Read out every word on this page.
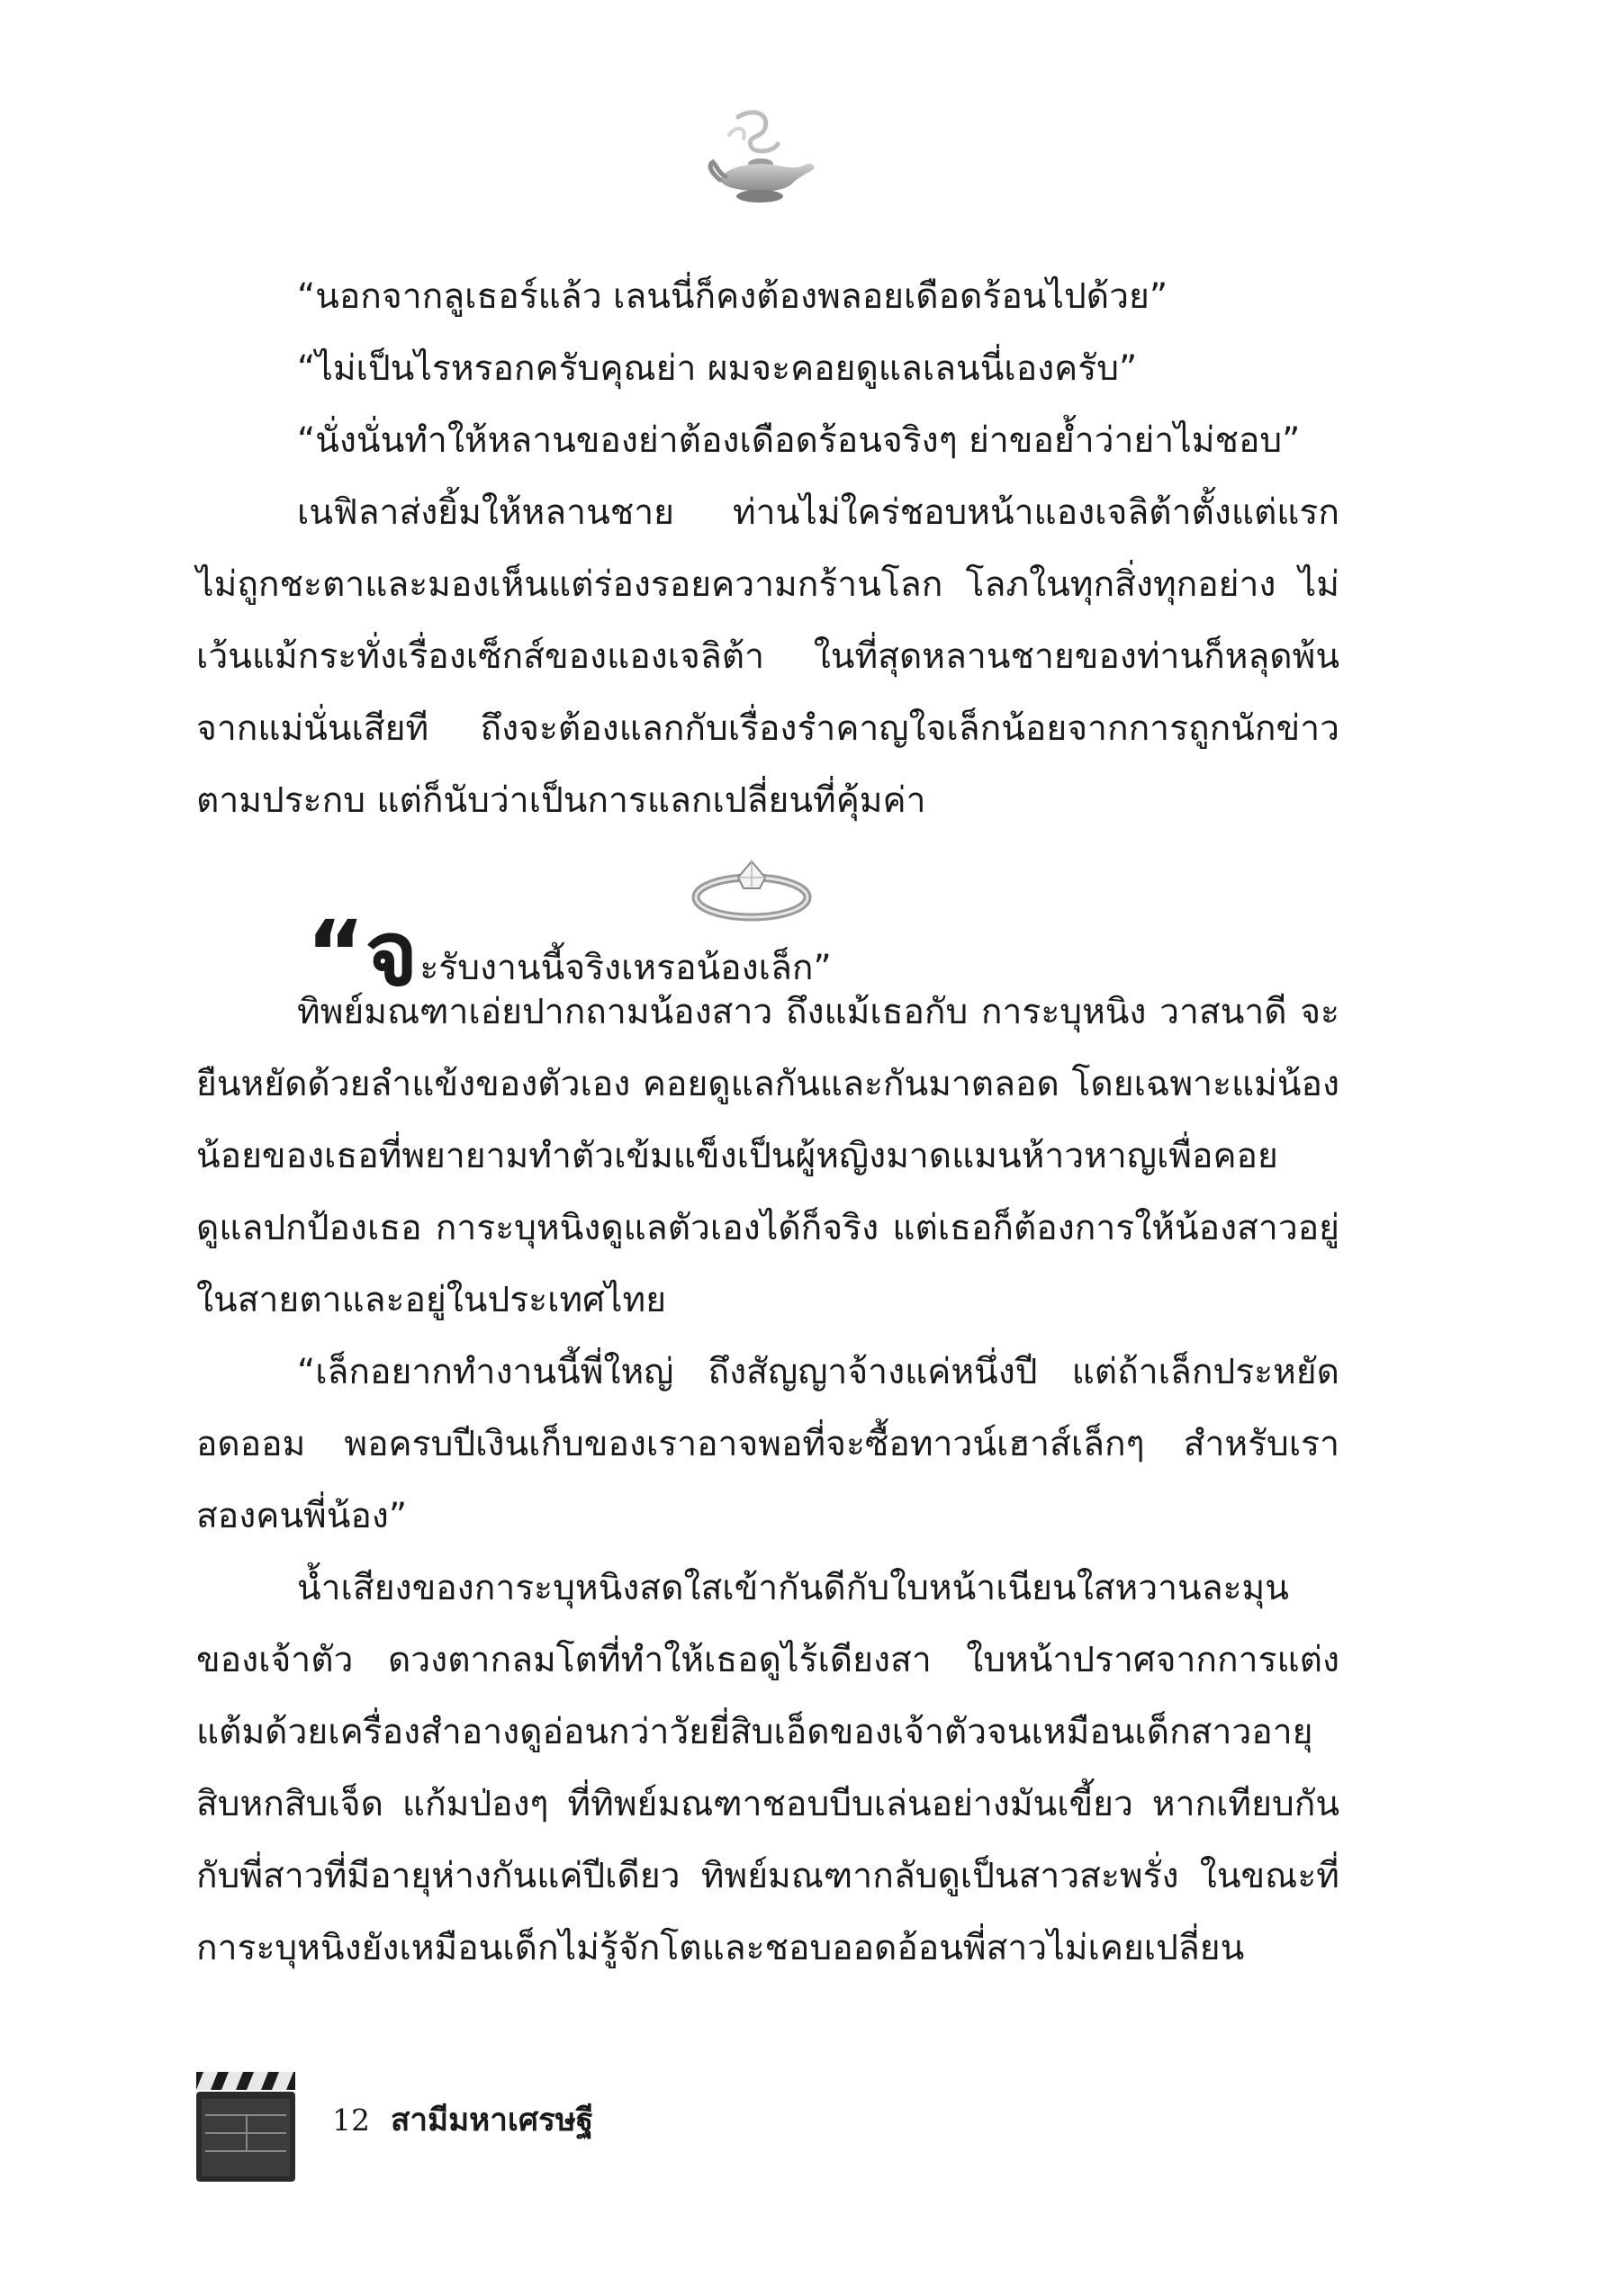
“นอกจากลูเธอร์แล้ว เลนนี่ก็คงต้องพลอยเดือดร้อนไปด้วย”

“ไม่เป็นไรหรอกครับคุณย่า ผมจะคอยดูแลเลนนี่เองครับ”

“นั่งนั่นทำให้หลานของย่าต้องเดือดร้อนจริงๆ ย่าขอย้ำว่าย่าไม่ชอบ”

เนฟิลาส่งยิ้มให้หลานชาย ท่านไม่ใคร่ชอบหน้าแองเจลิต้าตั้งแต่แรก ไม่ถูกชะตาและมองเห็นแต่ร่องรอยความกร้านโลก โลภในทุกสิ่งทุกอย่าง ไม่เว้นแม้กระทั่งเรื่องเซ็กส์ของแองเจลิต้า ในที่สุดหลานชายของท่านก็หลุดพ้นจากแม่นั่นเสียที ถึงจะต้องแลกกับเรื่องรำคาญใจเล็กน้อยจากการถูกนักข่าวตามประกบ แต่ก็นับว่าเป็นการแลกเปลี่ยนที่คุ้มค่า

“จะรับงานนี้จริงเหรอน้องเล็ก”

ทิพย์มณฑาเอ่ยปากถามน้องสาว ถึงแม้เธอกับ การะบุหนิง วาสนาดี จะยืนหยัดด้วยลำแข้งของตัวเอง คอยดูแลกันและกันมาตลอด โดยเฉพาะแม่น้องน้อยของเธอที่พยายามทำตัวเข้มแข็งเป็นผู้หญิงมาดแมนห้าวหาญเพื่อคอยดูแลปกป้องเธอ การะบุหนิงดูแลตัวเองได้ก็จริง แต่เธอก็ต้องการให้น้องสาวอยู่ในสายตาและอยู่ในประเทศไทย

“เล็กอยากทำงานนี้พี่ใหญ่ ถึงสัญญาจ้างแค่หนึ่งปี แต่ถ้าเล็กประหยัดอดออม พอครบปีเงินเก็บของเราอาจพอที่จะซื้อทาวน์เฮาส์เล็กๆ สำหรับเราสองคนพี่น้อง”

น้ำเสียงของการะบุหนิงสดใสเข้ากันดีกับใบหน้าเนียนใสหวานละมุนของเจ้าตัว ดวงตากลมโตที่ทำให้เธอดูไร้เดียงสา ใบหน้าปราศจากการแต่งแต้มด้วยเครื่องสำอางดูอ่อนกว่าวัยยี่สิบเอ็ดของเจ้าตัวจนเหมือนเด็กสาวอายุสิบหกสิบเจ็ด แก้มป่องๆ ที่ทิพย์มณฑาชอบบีบเล่นอย่างมันเขี้ยว หากเทียบกันกับพี่สาวที่มีอายุห่างกันแค่ปีเดียว ทิพย์มณฑากลับดูเป็นสาวสะพรั่ง ในขณะที่การะบุหนิงยังเหมือนเด็กไม่รู้จักโตและชอบออดอ้อนพี่สาวไม่เคยเปลี่ยน

12 สามีมหาเศรษฐี
